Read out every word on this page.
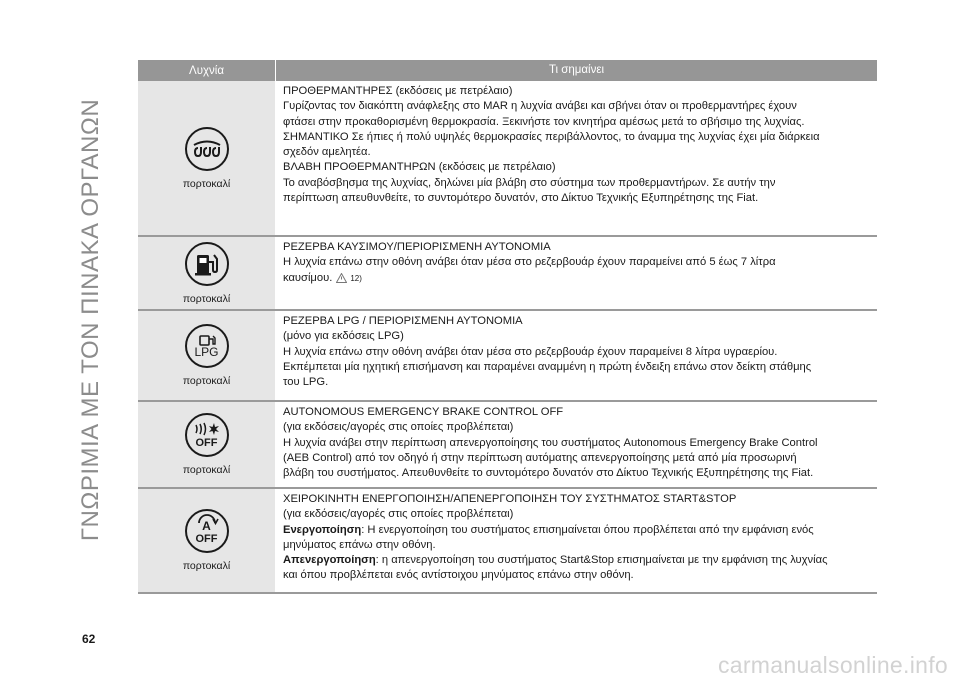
ΓΝΩΡΙΜΙΑ ΜΕ ΤΟΝ ΠΙΝΑΚΑ ΟΡΓΑΝΩΝ
Λυχνία	Τι σημαίνει
πορτοκαλί

ΠΡΟΘΕΡΜΑΝΤΗΡΕΣ (εκδόσεις με πετρέλαιο)

Γυρίζοντας τον διακόπτη ανάφλεξης στο MAR η λυχνία ανάβει και σβήνει όταν οι προθερμαντήρες έχουν

φτάσει στην προκαθορισμένη θερμοκρασία. Ξεκινήστε τον κινητήρα αμέσως μετά το σβήσιμο της λυχνίας.

ΣΗΜΑΝΤΙΚΟ Σε ήπιες ή πολύ υψηλές θερμοκρασίες περιβάλλοντος, το άναμμα της λυχνίας έχει μία διάρκεια

σχεδόν αμελητέα.

ΒΛΑΒΗ ΠΡΟΘΕΡΜΑΝΤΗΡΩΝ (εκδόσεις με πετρέλαιο)

Το αναβόσβησμα της λυχνίας, δηλώνει μία βλάβη στο σύστημα των προθερμαντήρων. Σε αυτήν την

περίπτωση απευθυνθείτε, το συντομότερο δυνατόν, στο Δίκτυο Τεχνικής Εξυπηρέτησης της Fiat.

πορτοκαλί

ΡΕΖΕΡΒΑ ΚΑΥΣΙΜΟΥ/ΠΕΡΙΟΡΙΣΜΕΝΗ ΑΥΤΟΝΟΜΙΑ

Η λυχνία επάνω στην οθόνη ανάβει όταν μέσα στο ρεζερβουάρ έχουν παραμείνει από 5 έως 7 λίτρα

καυσίμου. 12)

LPG
πορτοκαλί

ΡΕΖΕΡΒΑ LPG / ΠΕΡΙΟΡΙΣΜΕΝΗ ΑΥΤΟΝΟΜΙΑ

(μόνο για εκδόσεις LPG)

Η λυχνία επάνω στην οθόνη ανάβει όταν μέσα στο ρεζερβουάρ έχουν παραμείνει 8 λίτρα υγραερίου.

Εκπέμπεται μία ηχητική επισήμανση και παραμένει αναμμένη η πρώτη ένδειξη επάνω στον δείκτη στάθμης

του LPG.

OFF
πορτοκαλί

AUTONOMOUS EMERGENCY BRAKE CONTROL OFF

(για εκδόσεις/αγορές στις οποίες προβλέπεται)

Η λυχνία ανάβει στην περίπτωση απενεργοποίησης του συστήματος Autonomous Emergency Brake Control

(AEB Control) από τον οδηγό ή στην περίπτωση αυτόματης απενεργοποίησης μετά από μία προσωρινή

βλάβη του συστήματος. Απευθυνθείτε το συντομότερο δυνατόν στο Δίκτυο Τεχνικής Εξυπηρέτησης της Fiat.

A
OFF
πορτοκαλί

ΧΕΙΡΟΚΙΝΗΤΗ ΕΝΕΡΓΟΠΟΙΗΣΗ/ΑΠΕΝΕΡΓΟΠΟΙΗΣΗ ΤΟΥ ΣΥΣΤΗΜΑΤΟΣ START&STOP

(για εκδόσεις/αγορές στις οποίες προβλέπεται)

Ενεργοποίηση: Η ενεργοποίηση του συστήματος επισημαίνεται όπου προβλέπεται από την εμφάνιση ενός

μηνύματος επάνω στην οθόνη.

Απενεργοποίηση: η απενεργοποίηση του συστήματος Start&Stop επισημαίνεται με την εμφάνιση της λυχνίας

και όπου προβλέπεται ενός αντίστοιχου μηνύματος επάνω στην οθόνη.

62
carmanualsonline.info
